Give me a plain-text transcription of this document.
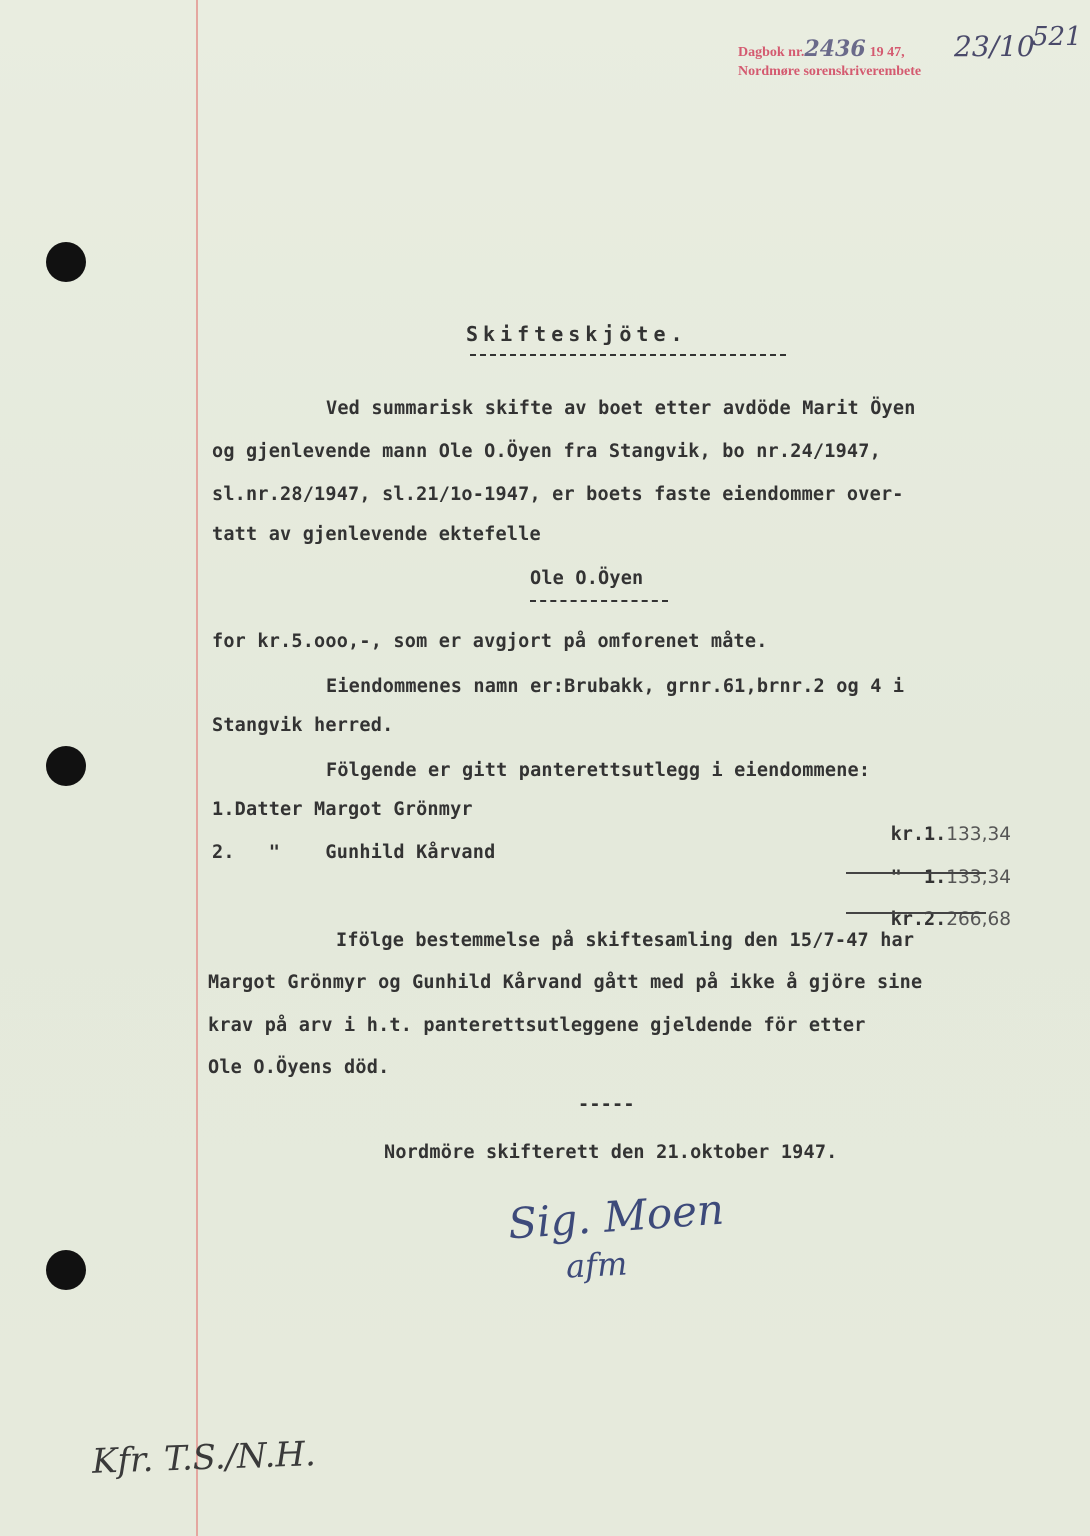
Dagbok nr.2436 19 47,
Nordmøre sorenskriverembete
23/10
521
Skifteskjöte.
Ved summarisk skifte av boet etter avdöde Marit Öyen
og gjenlevende mann Ole O.Öyen fra Stangvik, bo nr.24/1947,
sl.nr.28/1947, sl.21/1o-1947, er boets faste eiendommer over-
tatt av gjenlevende ektefelle
Ole O.Öyen
for kr.5.ooo,-, som er avgjort på omforenet måte.
Eiendommenes namn er:Brubakk, grnr.61,brnr.2 og 4 i
Stangvik herred.
Fölgende er gitt panterettsutlegg i eiendommene:
1.Datter Margot Grönmyr

kr.1.133,34

2.   "    Gunhild Kårvand

"  1.133,34

kr.2.266,68

Ifölge bestemmelse på skiftesamling den 15/7-47 har
Margot Grönmyr og Gunhild Kårvand gått med på ikke å gjöre sine
krav på arv i h.t. panterettsutleggene gjeldende för etter
Ole O.Öyens död.
-----
Nordmöre skifterett den 21.oktober 1947.
Sig. Moen
afm
Kfr. T.S./N.H.
